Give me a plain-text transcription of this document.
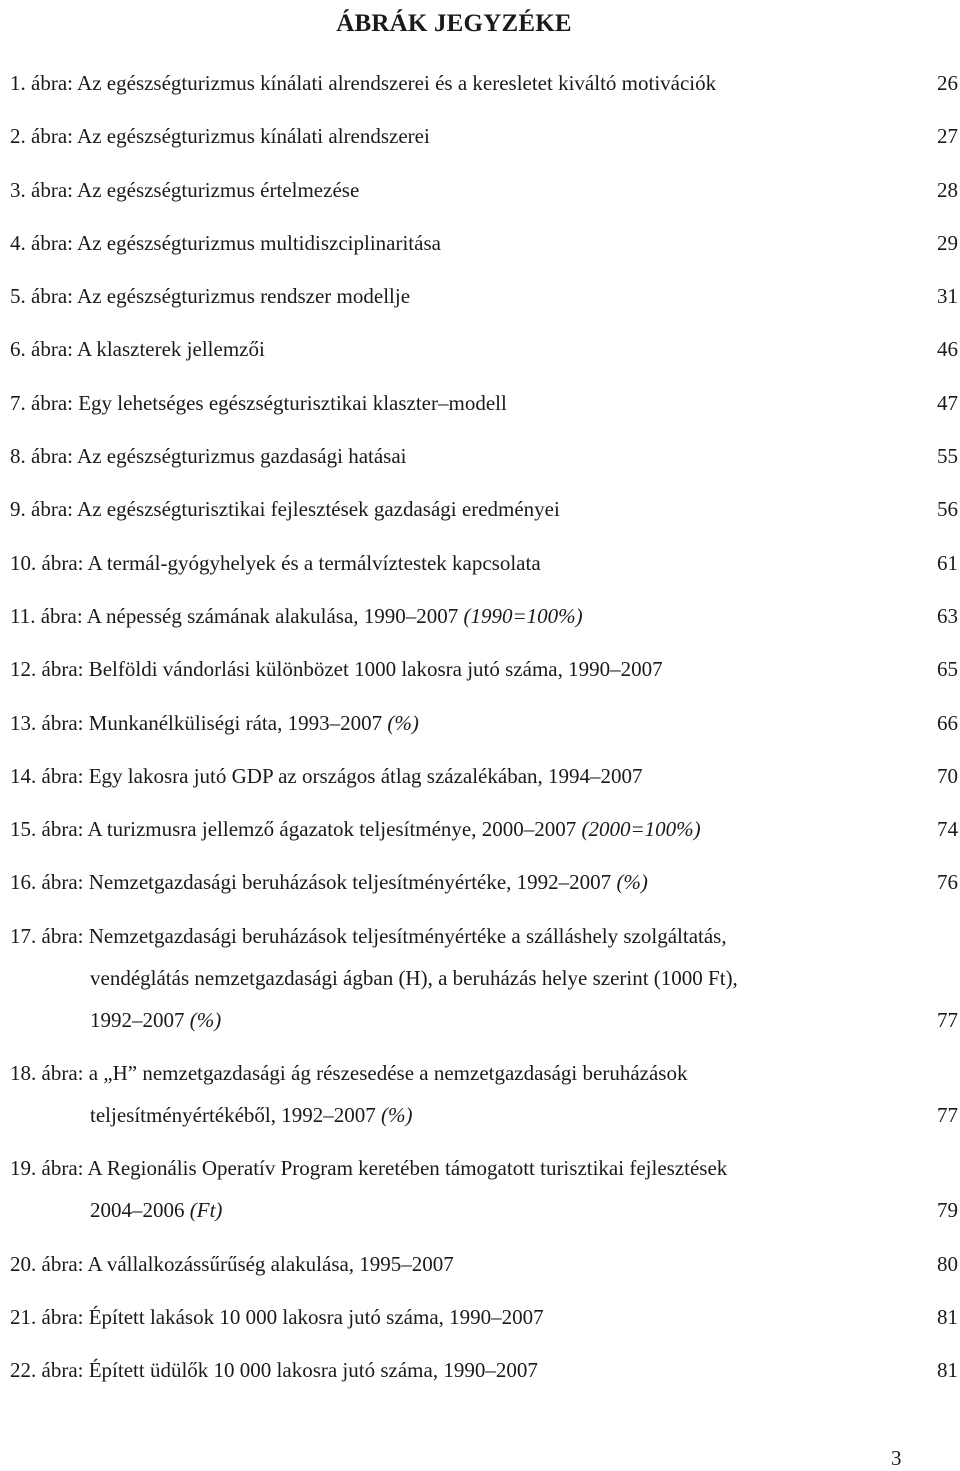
ÁBRÁK JEGYZÉKE
1. ábra: Az egészségturizmus kínálati alrendszerei és a keresletet kiváltó motivációk	26
2. ábra: Az egészségturizmus kínálati alrendszerei	27
3. ábra: Az egészségturizmus értelmezése	28
4. ábra: Az egészségturizmus multidiszciplinaritása	29
5. ábra: Az egészségturizmus rendszer modellje	31
6. ábra: A klaszterek jellemzői	46
7. ábra: Egy lehetséges egészségturisztikai klaszter–modell	47
8. ábra: Az egészségturizmus gazdasági hatásai	55
9. ábra: Az egészségturisztikai fejlesztések gazdasági eredményei	56
10. ábra: A termál-gyógyhelyek és a termálvíztestek kapcsolata	61
11. ábra: A népesség számának alakulása, 1990–2007 (1990=100%)	63
12. ábra: Belföldi vándorlási különbözet 1000 lakosra jutó száma, 1990–2007	65
13. ábra: Munkanélküliségi ráta, 1993–2007 (%)	66
14. ábra: Egy lakosra jutó GDP az országos átlag százalékában, 1994–2007	70
15. ábra: A turizmusra jellemző ágazatok teljesítménye, 2000–2007 (2000=100%)	74
16. ábra: Nemzetgazdasági beruházások teljesítményértéke, 1992–2007 (%)	76
17. ábra: Nemzetgazdasági beruházások teljesítményértéke a szálláshely szolgáltatás,
vendéglátás nemzetgazdasági ágban (H), a beruházás helye szerint (1000 Ft),
1992–2007 (%)	77
18. ábra: a „H” nemzetgazdasági ág részesedése a nemzetgazdasági beruházások
teljesítményértékéből, 1992–2007 (%)	77
19. ábra: A Regionális Operatív Program keretében támogatott turisztikai fejlesztések
2004–2006 (Ft)	79
20. ábra: A vállalkozássűrűség alakulása, 1995–2007	80
21. ábra: Épített lakások 10 000 lakosra jutó száma, 1990–2007	81
22. ábra: Épített üdülők 10 000 lakosra jutó száma, 1990–2007	81
3
